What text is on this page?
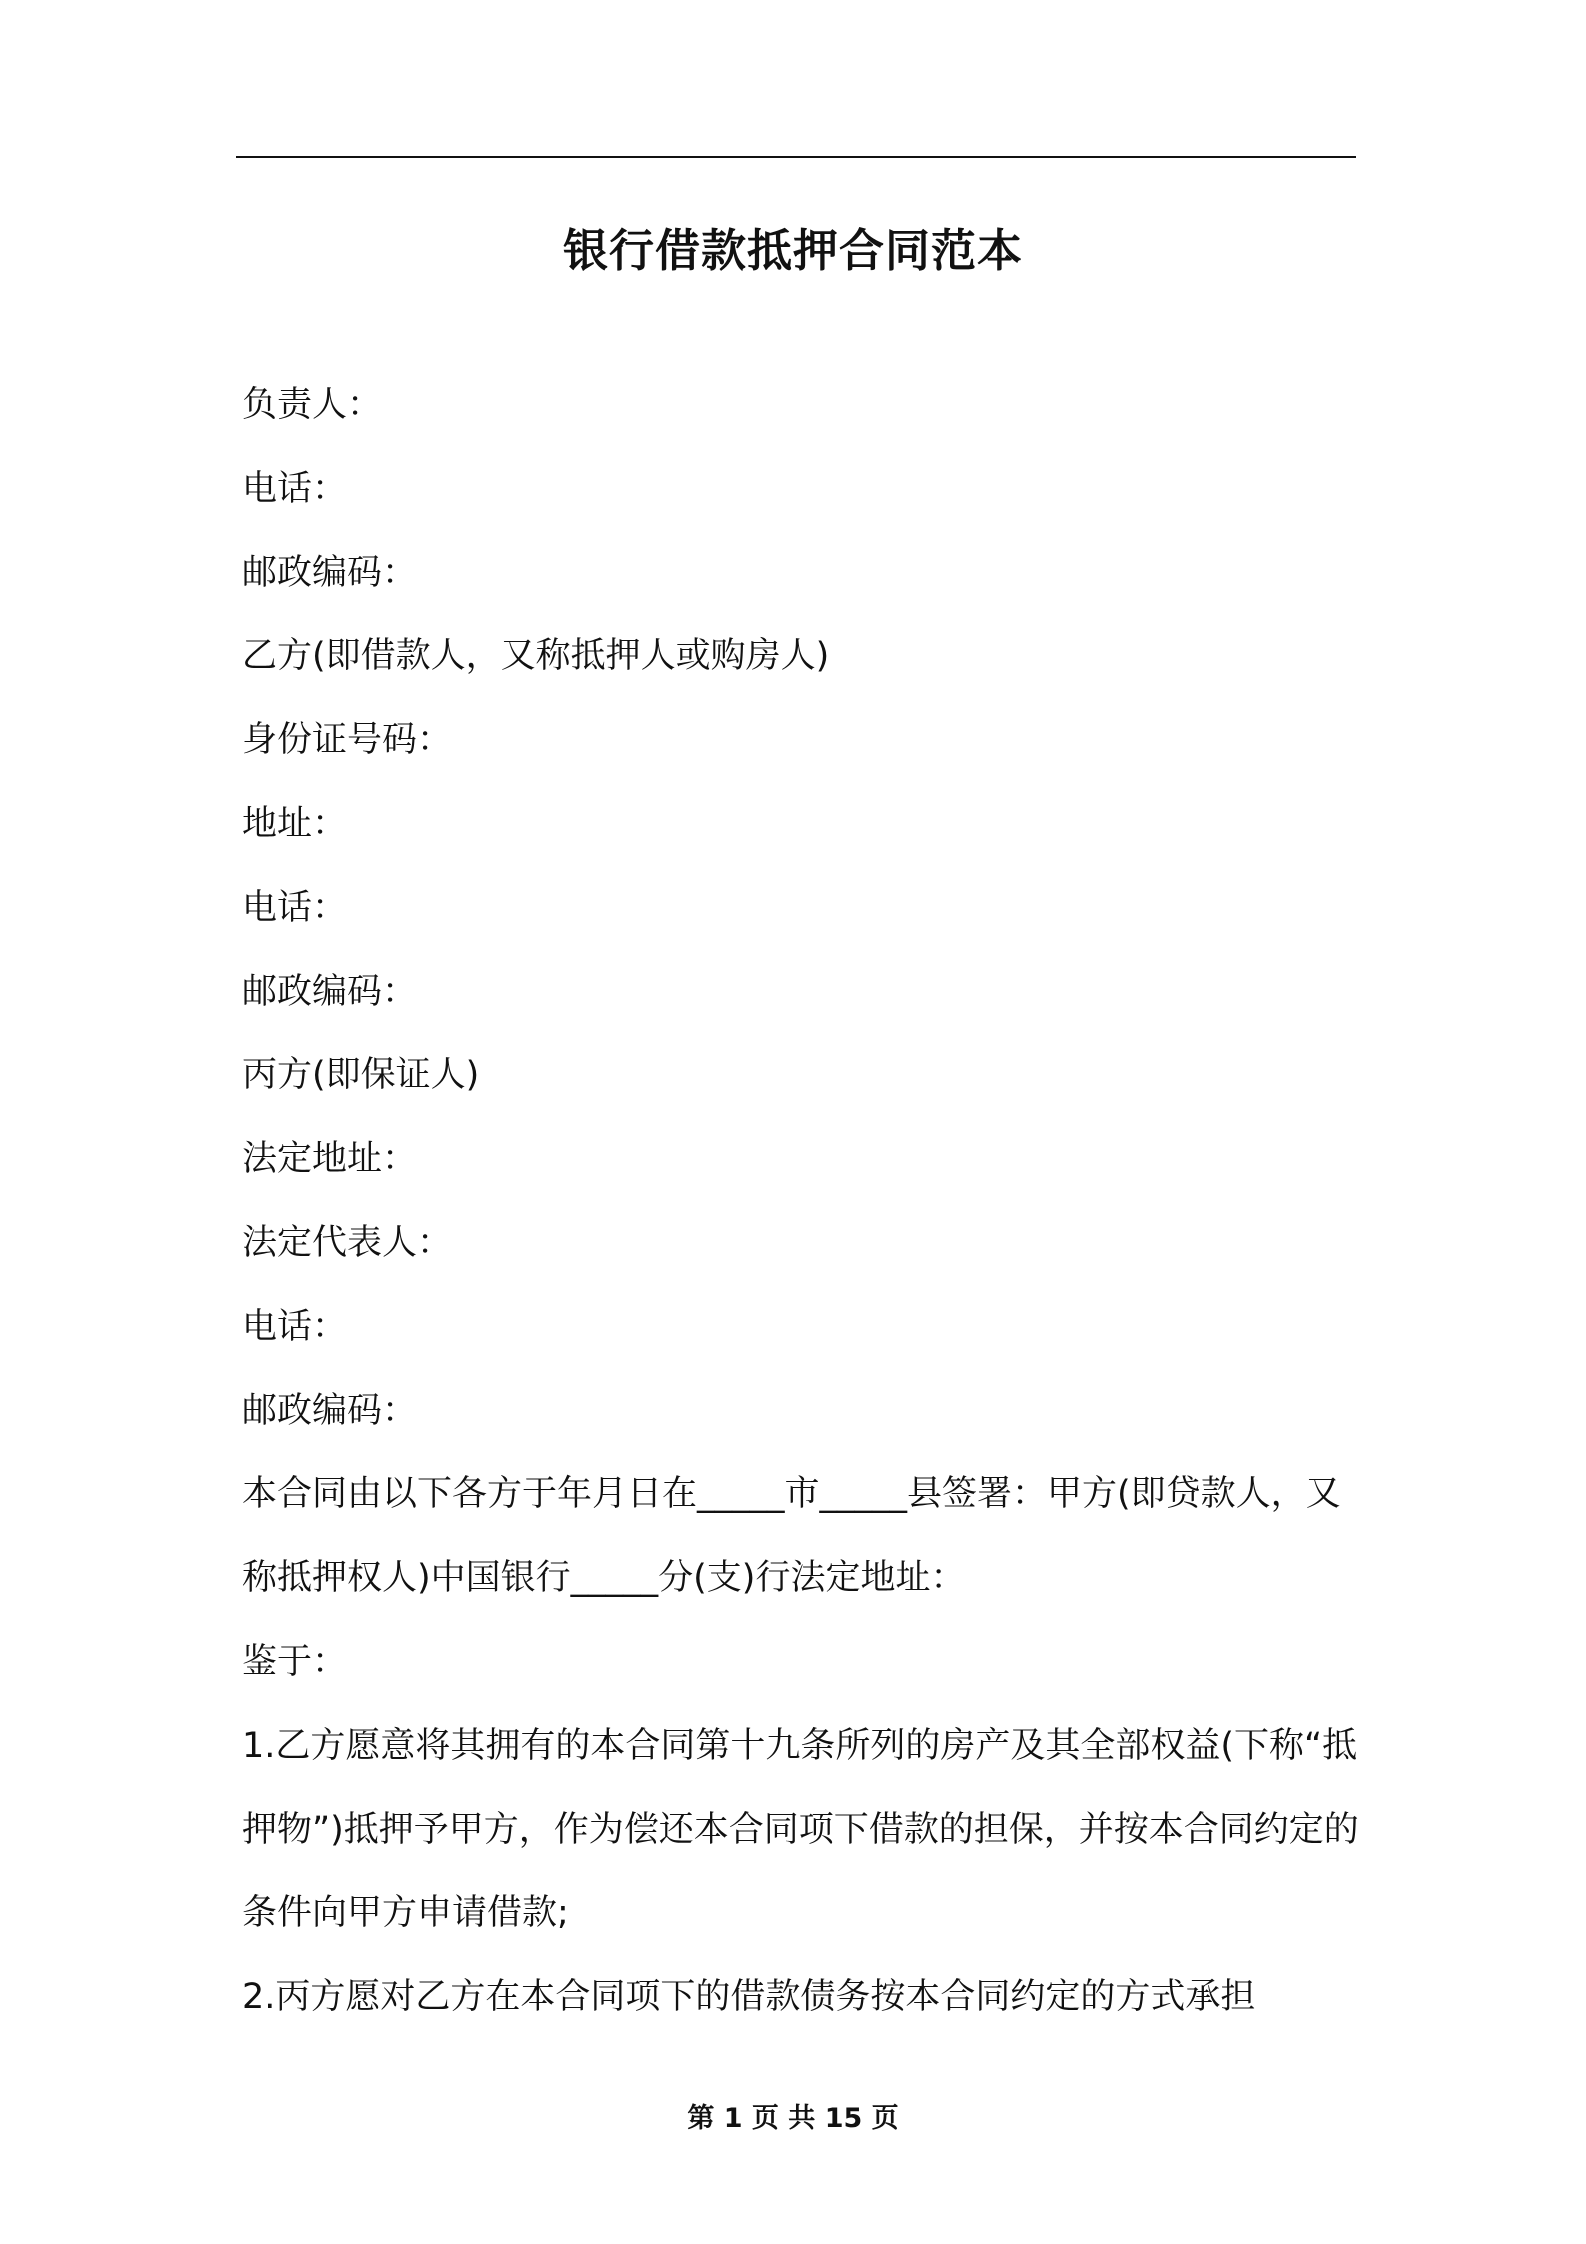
银行借款抵押合同范本
负责人：
电话：
邮政编码：
乙方(即借款人，又称抵押人或购房人)
身份证号码：
地址：
电话：
邮政编码：
丙方(即保证人)
法定地址：
法定代表人：
电话：
邮政编码：
本合同由以下各方于年月日在_____市_____县签署：甲方(即贷款人，又称抵押权人)中国银行_____分(支)行法定地址：
鉴于：
1.乙方愿意将其拥有的本合同第十九条所列的房产及其全部权益(下称“抵押物”)抵押予甲方，作为偿还本合同项下借款的担保，并按本合同约定的条件向甲方申请借款;
2.丙方愿对乙方在本合同项下的借款债务按本合同约定的方式承担
第 1 页 共 15 页
